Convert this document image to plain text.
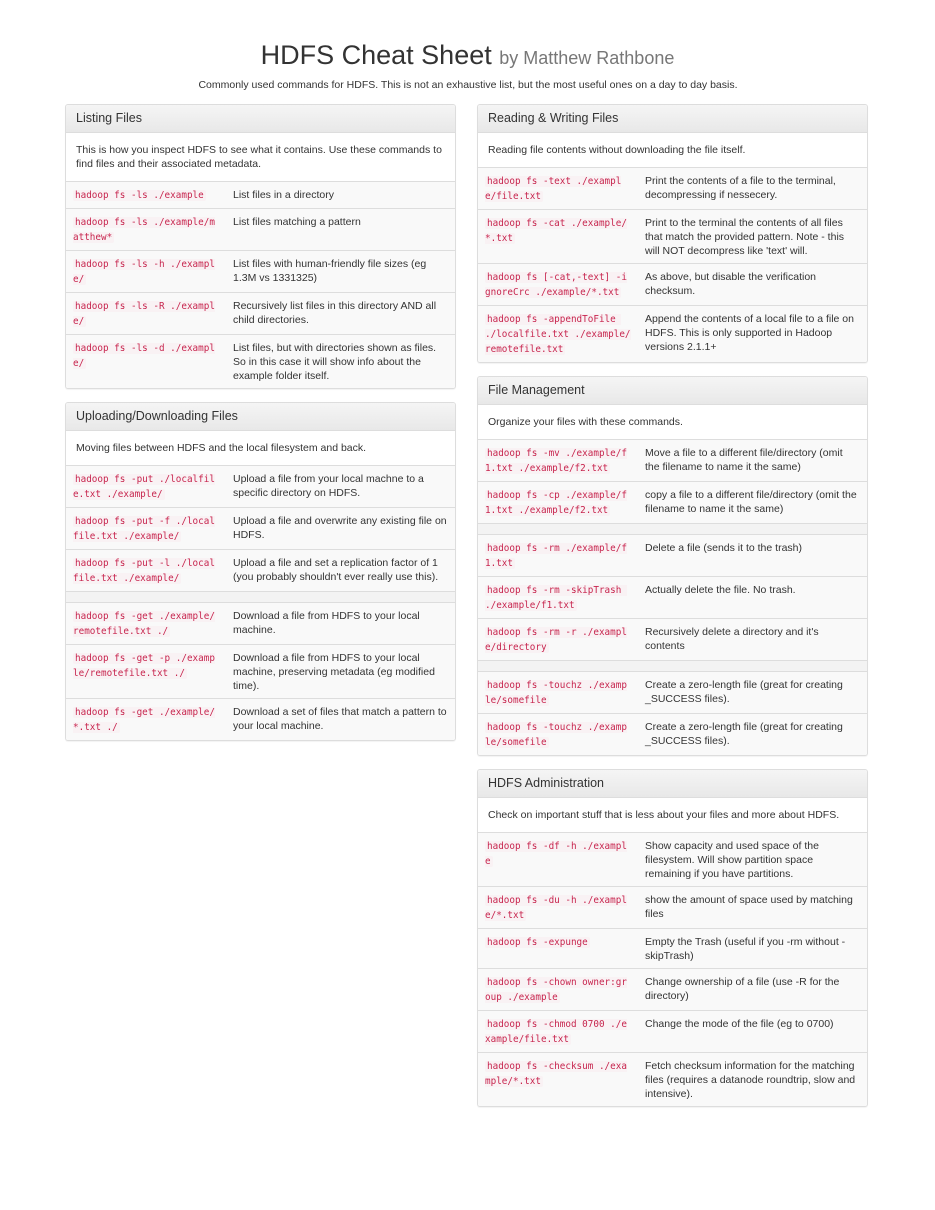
HDFS Cheat Sheet by Matthew Rathbone
Commonly used commands for HDFS. This is not an exhaustive list, but the most useful ones on a day to day basis.
Listing Files
This is how you inspect HDFS to see what it contains. Use these commands to find files and their associated metadata.
hadoop fs -ls ./example	List files in a directory
hadoop fs -ls ./example/matthew*	List files matching a pattern
hadoop fs -ls -h ./example/	List files with human-friendly file sizes (eg 1.3M vs 1331325)
hadoop fs -ls -R ./example/	Recursively list files in this directory AND all child directories.
hadoop fs -ls -d ./example/	List files, but with directories shown as files. So in this case it will show info about the example folder itself.
Uploading/Downloading Files
Moving files between HDFS and the local filesystem and back.
hadoop fs -put ./localfile.txt ./example/	Upload a file from your local machne to a specific directory on HDFS.
hadoop fs -put -f ./localfile.txt ./example/	Upload a file and overwrite any existing file on HDFS.
hadoop fs -put -l ./localfile.txt ./example/	Upload a file and set a replication factor of 1 (you probably shouldn't ever really use this).

hadoop fs -get ./example/remotefile.txt ./	Download a file from HDFS to your local machine.
hadoop fs -get -p ./example/remotefile.txt ./	Download a file from HDFS to your local machine, preserving metadata (eg modified time).
hadoop fs -get ./example/*.txt ./	Download a set of files that match a pattern to your local machine.
Reading & Writing Files
Reading file contents without downloading the file itself.
hadoop fs -text ./example/file.txt	Print the contents of a file to the terminal, decompressing if nessecery.
hadoop fs -cat ./example/*.txt	Print to the terminal the contents of all files that match the provided pattern. Note - this will NOT decompress like 'text' will.
hadoop fs [-cat,-text] -ignoreCrc ./example/*.txt	As above, but disable the verification checksum.
hadoop fs -appendToFile ./localfile.txt ./example/remotefile.txt	Append the contents of a local file to a file on HDFS. This is only supported in Hadoop versions 2.1.1+
File Management
Organize your files with these commands.
hadoop fs -mv ./example/f1.txt ./example/f2.txt	Move a file to a different file/directory (omit the filename to name it the same)
hadoop fs -cp ./example/f1.txt ./example/f2.txt	copy a file to a different file/directory (omit the filename to name it the same)

hadoop fs -rm ./example/f1.txt	Delete a file (sends it to the trash)
hadoop fs -rm -skipTrash ./example/f1.txt	Actually delete the file. No trash.
hadoop fs -rm -r ./example/directory	Recursively delete a directory and it's contents

hadoop fs -touchz ./example/somefile	Create a zero-length file (great for creating _SUCCESS files).
hadoop fs -touchz ./example/somefile	Create a zero-length file (great for creating _SUCCESS files).
HDFS Administration
Check on important stuff that is less about your files and more about HDFS.
hadoop fs -df -h ./example	Show capacity and used space of the filesystem. Will show partition space remaining if you have partitions.
hadoop fs -du -h ./example/*.txt	show the amount of space used by matching files
hadoop fs -expunge	Empty the Trash (useful if you -rm without -skipTrash)
hadoop fs -chown owner:group ./example	Change ownership of a file (use -R for the directory)
hadoop fs -chmod 0700 ./example/file.txt	Change the mode of the file (eg to 0700)
hadoop fs -checksum ./example/*.txt	Fetch checksum information for the matching files (requires a datanode roundtrip, slow and intensive).
